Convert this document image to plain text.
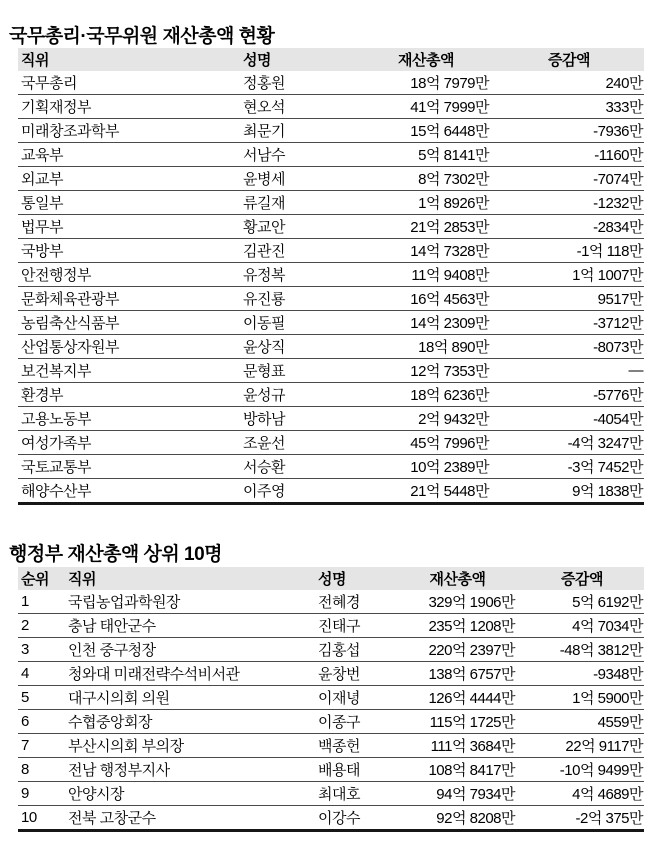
국무총리·국무위원 재산총액 현황
직위	성명	재산총액	증감액
국무총리	정홍원	18억 7979만	240만
기획재정부	현오석	41억 7999만	333만
미래창조과학부	최문기	15억 6448만	-7936만
교육부	서남수	5억 8141만	-1160만
외교부	윤병세	8억 7302만	-7074만
통일부	류길재	1억 8926만	-1232만
법무부	황교안	21억 2853만	-2834만
국방부	김관진	14억 7328만	-1억 118만
안전행정부	유정복	11억 9408만	1억 1007만
문화체육관광부	유진룡	16억 4563만	9517만
농림축산식품부	이동필	14억 2309만	-3712만
산업통상자원부	윤상직	18억 890만	-8073만
보건복지부	문형표	12억 7353만	—
환경부	윤성규	18억 6236만	-5776만
고용노동부	방하남	2억 9432만	-4054만
여성가족부	조윤선	45억 7996만	-4억 3247만
국토교통부	서승환	10억 2389만	-3억 7452만
해양수산부	이주영	21억 5448만	9억 1838만
행정부 재산총액 상위 10명
순위	직위	성명	재산총액	증감액
1	국립농업과학원장	전혜경	329억 1906만	5억 6192만
2	충남 태안군수	진태구	235억 1208만	4억 7034만
3	인천 중구청장	김홍섭	220억 2397만	-48억 3812만
4	청와대 미래전략수석비서관	윤창번	138억 6757만	-9348만
5	대구시의회 의원	이재녕	126억 4444만	1억 5900만
6	수협중앙회장	이종구	115억 1725만	4559만
7	부산시의회 부의장	백종헌	111억 3684만	22억 9117만
8	전남 행정부지사	배용태	108억 8417만	-10억 9499만
9	안양시장	최대호	94억 7934만	4억 4689만
10	전북 고창군수	이강수	92억 8208만	-2억 375만
